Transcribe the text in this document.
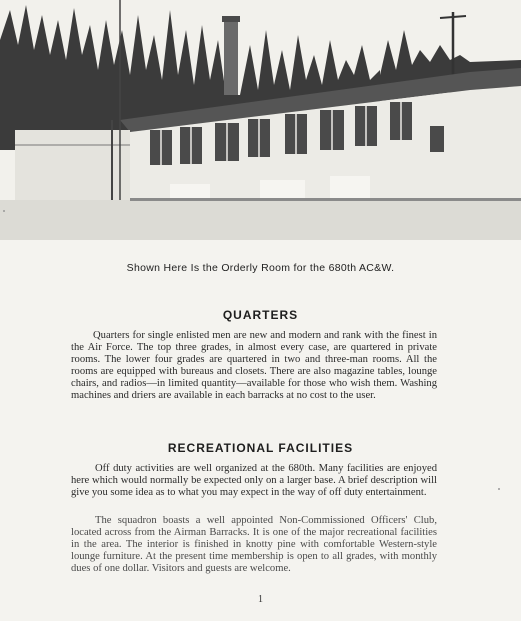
Shown Here Is the Orderly Room for the 680th AC&W.
QUARTERS

Quarters for single enlisted men are new and modern and rank with the finest in the Air Force. The top three grades, in almost every case, are quartered in private rooms. The lower four grades are quartered in two and three-man rooms. All the rooms are equipped with bureaus and closets. There are also magazine tables, lounge chairs, and radios—in limited quantity—available for those who wish them. Washing machines and driers are available in each barracks at no cost to the user.

RECREATIONAL FACILITIES

Off duty activities are well organized at the 680th. Many facilities are enjoyed here which would normally be expected only on a larger base. A brief description will give you some idea as to what you may expect in the way of off duty entertainment.

The squadron boasts a well appointed Non-Commissioned Officers' Club, located across from the Airman Barracks. It is one of the major recreational facilities in the area. The interior is finished in knotty pine with comfortable Western-style lounge furniture. At the present time membership is open to all grades, with monthly dues of one dollar. Visitors and guests are welcome.

1
